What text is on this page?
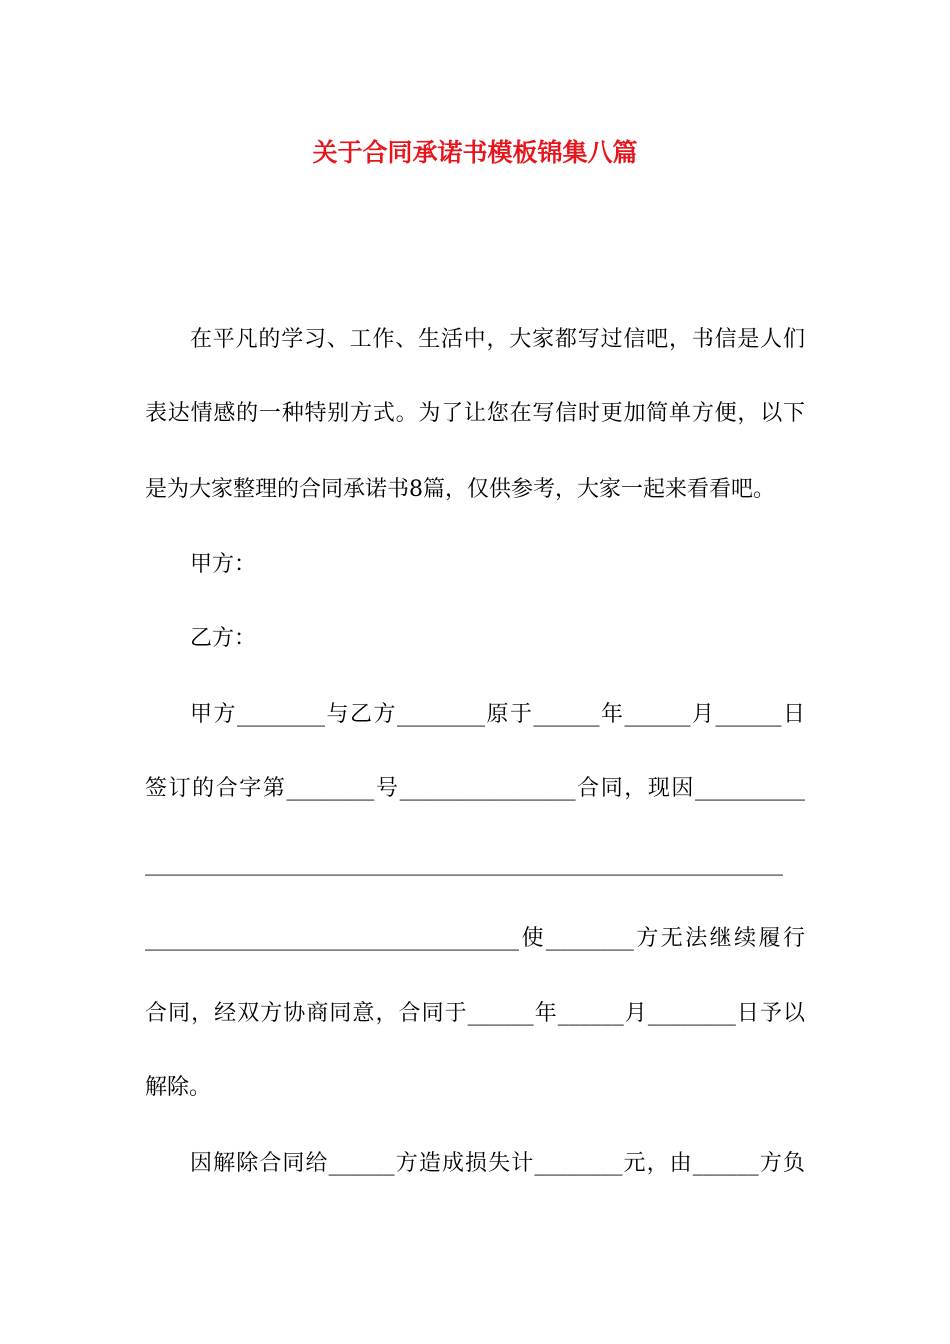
关于合同承诺书模板锦集八篇

在平凡的学习、工作、生活中，大家都写过信吧，书信是人们

表达情感的一种特别方式。为了让您在写信时更加简单方便，以下

是为大家整理的合同承诺书8篇，仅供参考，大家一起来看看吧。

甲方：

乙方：

甲方________与乙方________原于______年______月______日

签订的合字第________号________________合同，现因__________

__________________________________________________________

__________________________________使________方无法继续履行

合同，经双方协商同意，合同于______年______月________日予以

解除。

因解除合同给______方造成损失计________元，由______方负
